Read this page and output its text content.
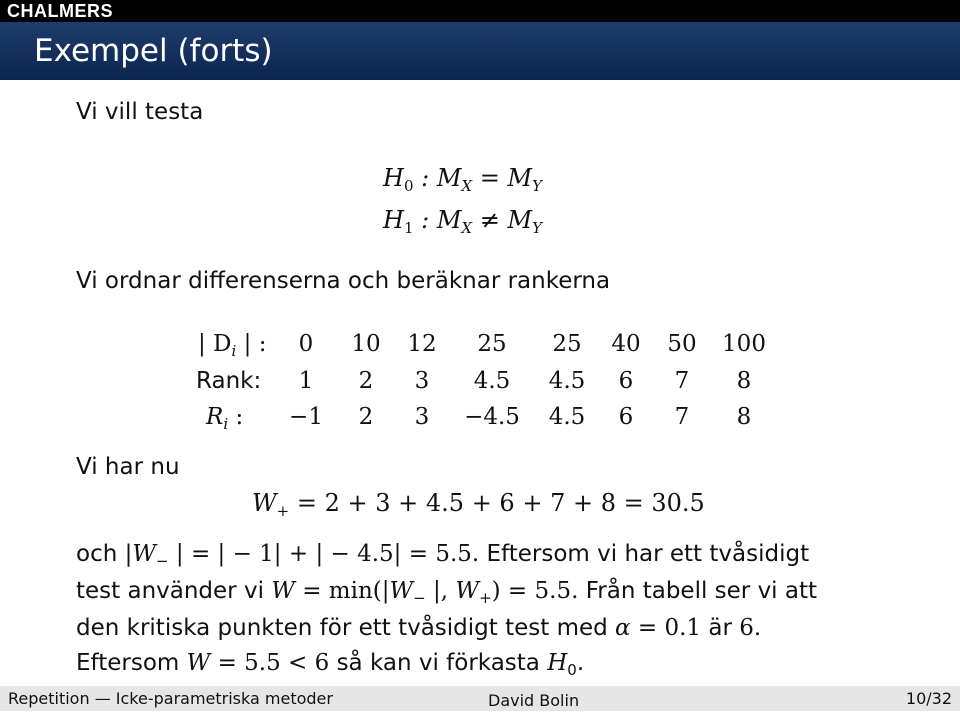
CHALMERS
Exempel (forts)
Vi vill testa
$H_0$ : $M_X = M_Y$
$H_1$ : $M_X \ne M_Y$
Vi ordnar differenserna och beräknar rankerna
| $D_i$ | :	0	10	12	25	25	40	50	100
Rank:	1	2	3	4.5	4.5	6	7	8
$R_i$ :	−1	2	3	−4.5	4.5	6	7	8
Vi har nu
$W_+ = 2 + 3 + 4.5 + 6 + 7 + 8 = 30.5$
och $|W_-$ | = | − 1| + | − 4.5| = 5.5. Eftersom vi har ett tvåsidigt
test använder vi $W = \min(|W_-$ |, $W_+) = 5.5$. Från tabell ser vi att
den kritiska punkten för ett tvåsidigt test med α = 0.1 är 6.
Eftersom W = 5.5 < 6 så kan vi förkasta $H_0$.
Repetition — Icke-parametriska metoder	David Bolin	10/32
